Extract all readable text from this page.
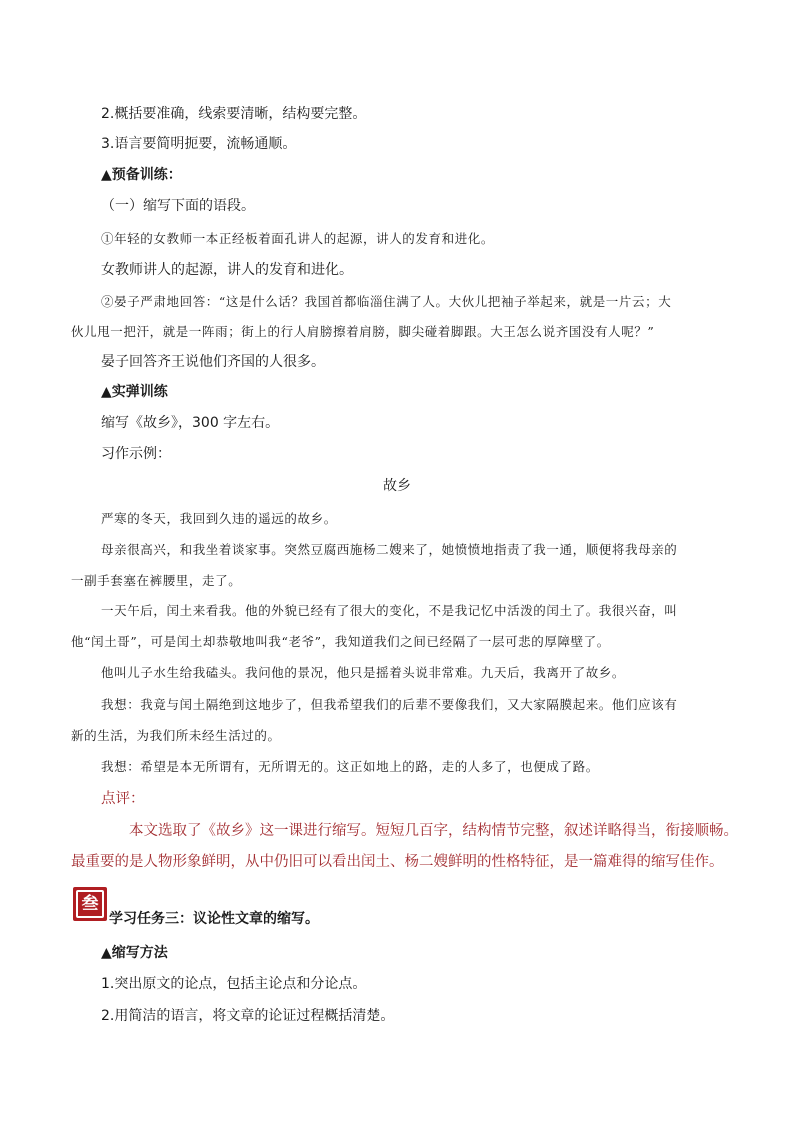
2.概括要准确，线索要清晰，结构要完整。
3.语言要简明扼要，流畅通顺。
▲预备训练：
（一）缩写下面的语段。
①年轻的女教师一本正经板着面孔讲人的起源，讲人的发育和进化。
女教师讲人的起源，讲人的发育和进化。
②晏子严肃地回答：“这是什么话？我国首都临淄住满了人。大伙儿把袖子举起来，就是一片云；大
伙儿甩一把汗，就是一阵雨；街上的行人肩膀擦着肩膀，脚尖碰着脚跟。大王怎么说齐国没有人呢？”
晏子回答齐王说他们齐国的人很多。
▲实弹训练
缩写《故乡》，300 字左右。
习作示例：
故乡
严寒的冬天，我回到久违的遥远的故乡。
母亲很高兴，和我坐着谈家事。突然豆腐西施杨二嫂来了，她愤愤地指责了我一通，顺便将我母亲的
一副手套塞在裤腰里，走了。
一天午后，闰土来看我。他的外貌已经有了很大的变化，不是我记忆中活泼的闰土了。我很兴奋，叫
他“闰土哥”，可是闰土却恭敬地叫我“老爷”，我知道我们之间已经隔了一层可悲的厚障壁了。
他叫儿子水生给我磕头。我问他的景况，他只是摇着头说非常难。九天后，我离开了故乡。
我想：我竟与闰土隔绝到这地步了，但我希望我们的后辈不要像我们，又大家隔膜起来。他们应该有
新的生活，为我们所未经生活过的。
我想：希望是本无所谓有，无所谓无的。这正如地上的路，走的人多了，也便成了路。
点评：
本文选取了《故乡》这一课进行缩写。短短几百字，结构情节完整，叙述详略得当，衔接顺畅。
最重要的是人物形象鲜明，从中仍旧可以看出闰土、杨二嫂鲜明的性格特征，是一篇难得的缩写佳作。
叁
学习任务三：议论性文章的缩写。
▲缩写方法
1.突出原文的论点，包括主论点和分论点。
2.用简洁的语言，将文章的论证过程概括清楚。
